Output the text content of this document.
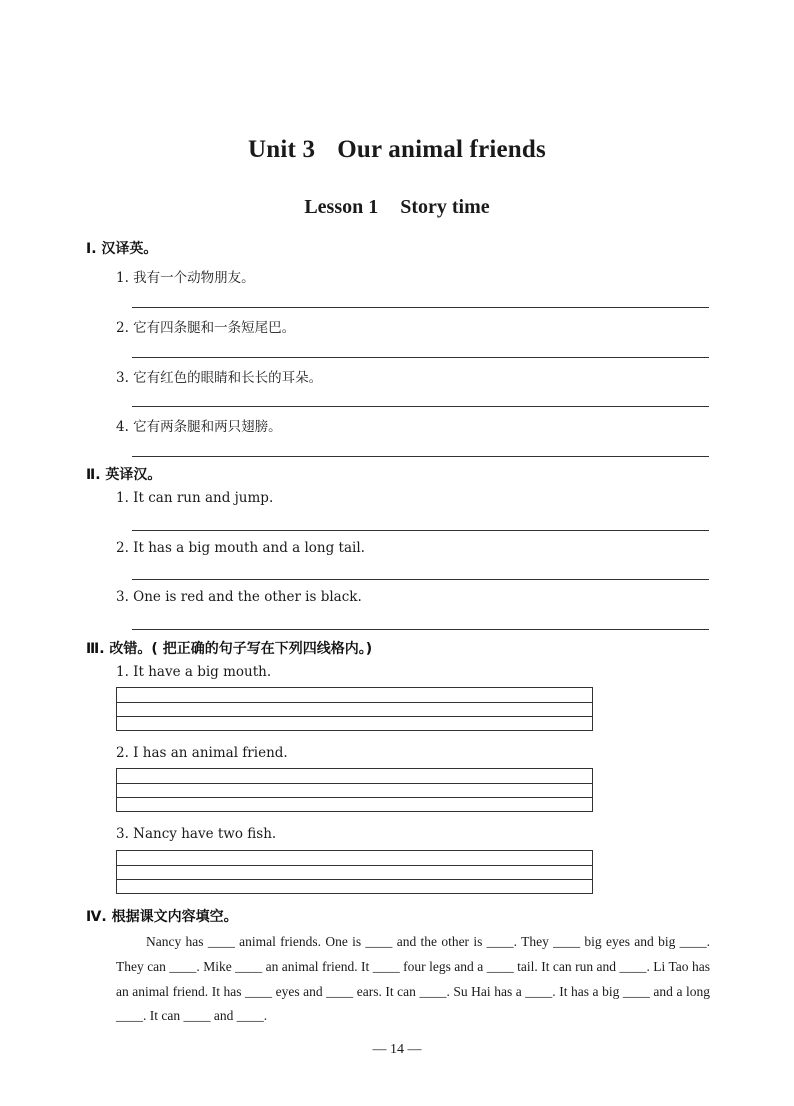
Unit 3 Our animal friends
Lesson 1 Story time
Ⅰ. 汉译英。
1. 我有一个动物朋友。
2. 它有四条腿和一条短尾巴。
3. 它有红色的眼睛和长长的耳朵。
4. 它有两条腿和两只翅膀。
Ⅱ. 英译汉。
1. It can run and jump.
2. It has a big mouth and a long tail.
3. One is red and the other is black.
Ⅲ. 改错。( 把正确的句子写在下列四线格内。)
1. It have a big mouth.
2. I has an animal friend.
3. Nancy have two fish.
Ⅳ. 根据课文内容填空。

Nancy has ____ animal friends. One is ____ and the other is ____. They ____ big eyes and big ____. They can ____. Mike ____ an animal friend. It ____ four legs and a ____ tail. It can run and ____. Li Tao has an animal friend. It has ____ eyes and ____ ears. It can ____. Su Hai has a ____. It has a big ____ and a long ____. It can ____ and ____.

— 14 —
